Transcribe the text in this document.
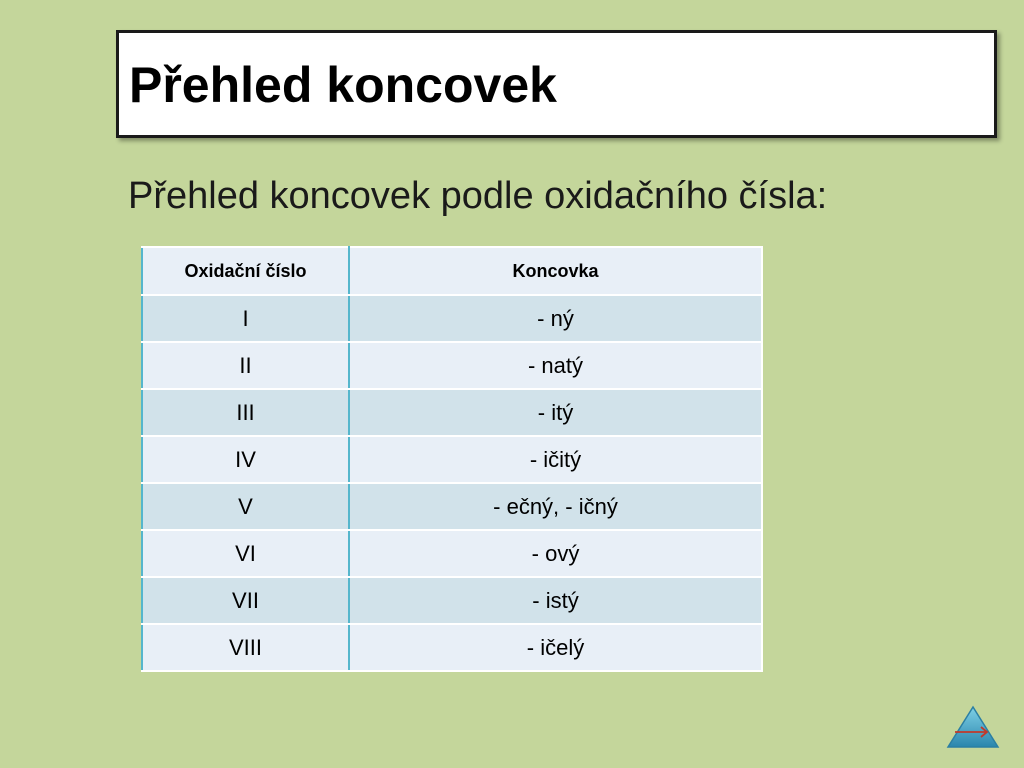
Přehled koncovek
Přehled koncovek podle oxidačního čísla:
Oxidační číslo	Koncovka
I	- ný
II	- natý
III	- itý
IV	- ičitý
V	- ečný, - ičný
VI	- ový
VII	- istý
VIII	- ičelý
